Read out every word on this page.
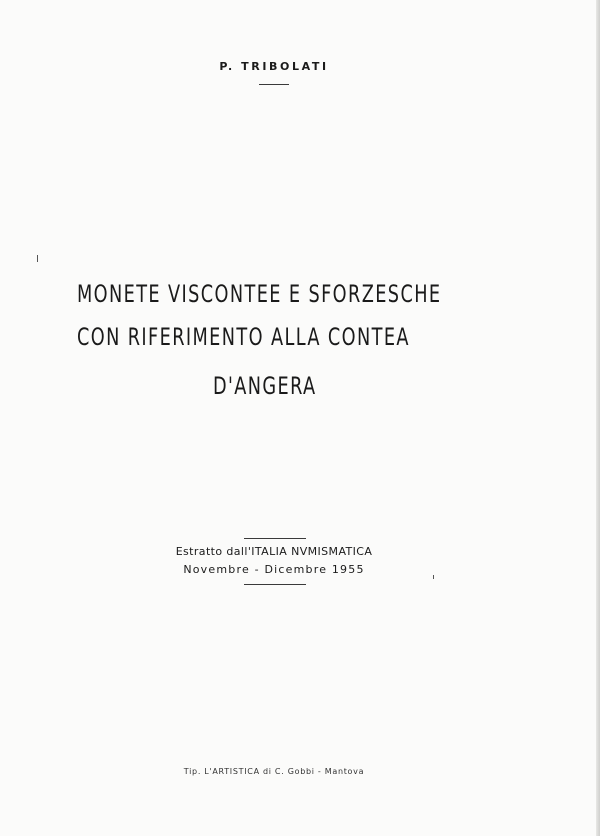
P. TRIBOLATI
MONETE VISCONTEE E SFORZESCHE
CON RIFERIMENTO ALLA CONTEA
D'ANGERA
Estratto dall'ITALIA NVMISMATICA
Novembre - Dicembre 1955
Tip. L'ARTISTICA di C. Gobbi - Mantova
